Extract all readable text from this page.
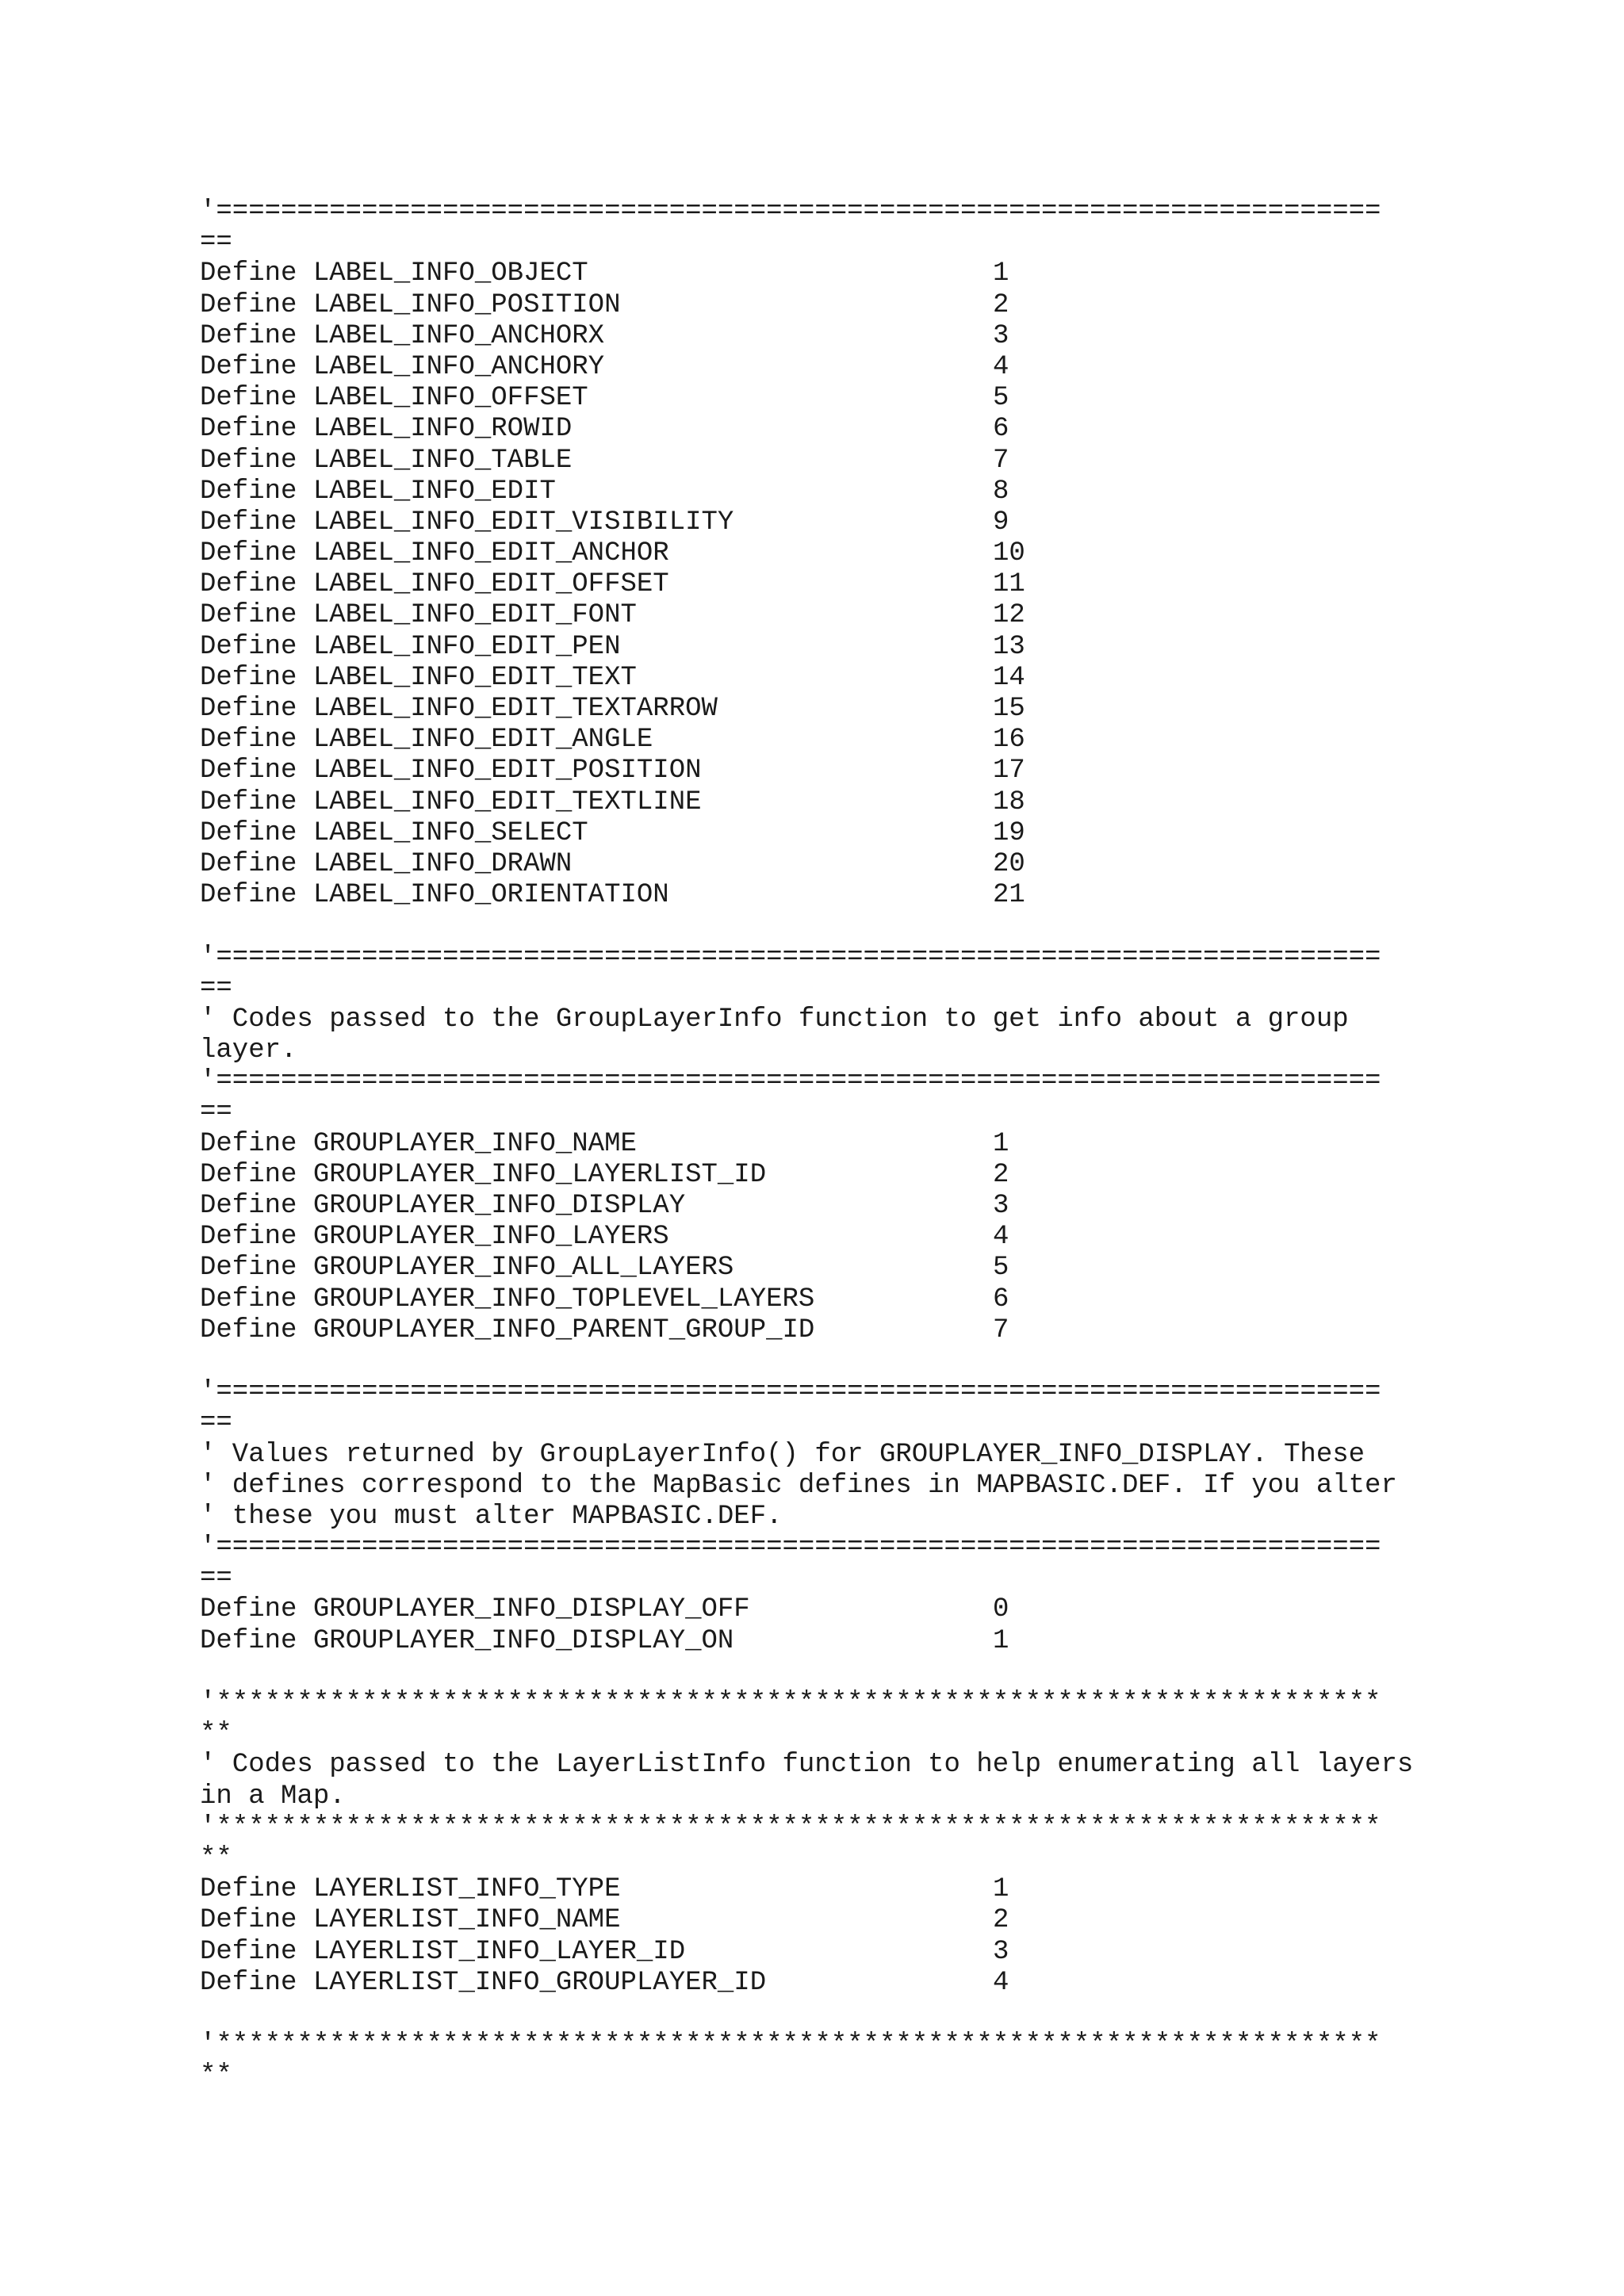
'========================================================================
==
Define LABEL_INFO_OBJECT	1
Define LABEL_INFO_POSITION	2
Define LABEL_INFO_ANCHORX	3
Define LABEL_INFO_ANCHORY	4
Define LABEL_INFO_OFFSET	5
Define LABEL_INFO_ROWID	6
Define LABEL_INFO_TABLE	7
Define LABEL_INFO_EDIT	8
Define LABEL_INFO_EDIT_VISIBILITY	9
Define LABEL_INFO_EDIT_ANCHOR	10
Define LABEL_INFO_EDIT_OFFSET	11
Define LABEL_INFO_EDIT_FONT	12
Define LABEL_INFO_EDIT_PEN	13
Define LABEL_INFO_EDIT_TEXT	14
Define LABEL_INFO_EDIT_TEXTARROW	15
Define LABEL_INFO_EDIT_ANGLE	16
Define LABEL_INFO_EDIT_POSITION	17
Define LABEL_INFO_EDIT_TEXTLINE	18
Define LABEL_INFO_SELECT	19
Define LABEL_INFO_DRAWN	20
Define LABEL_INFO_ORIENTATION	21
'========================================================================
==
' Codes passed to the GroupLayerInfo function to get info about a group
layer.
'========================================================================
==
Define GROUPLAYER_INFO_NAME	1
Define GROUPLAYER_INFO_LAYERLIST_ID	2
Define GROUPLAYER_INFO_DISPLAY	3
Define GROUPLAYER_INFO_LAYERS	4
Define GROUPLAYER_INFO_ALL_LAYERS	5
Define GROUPLAYER_INFO_TOPLEVEL_LAYERS	6
Define GROUPLAYER_INFO_PARENT_GROUP_ID	7
'========================================================================
==
' Values returned by GroupLayerInfo() for GROUPLAYER_INFO_DISPLAY. These
' defines correspond to the MapBasic defines in MAPBASIC.DEF. If you alter
' these you must alter MAPBASIC.DEF.
'========================================================================
==
Define GROUPLAYER_INFO_DISPLAY_OFF	0
Define GROUPLAYER_INFO_DISPLAY_ON	1
'************************************************************************
**
' Codes passed to the LayerListInfo function to help enumerating all layers
in a Map.
'************************************************************************
**
Define LAYERLIST_INFO_TYPE	1
Define LAYERLIST_INFO_NAME	2
Define LAYERLIST_INFO_LAYER_ID	3
Define LAYERLIST_INFO_GROUPLAYER_ID	4
'************************************************************************
**
